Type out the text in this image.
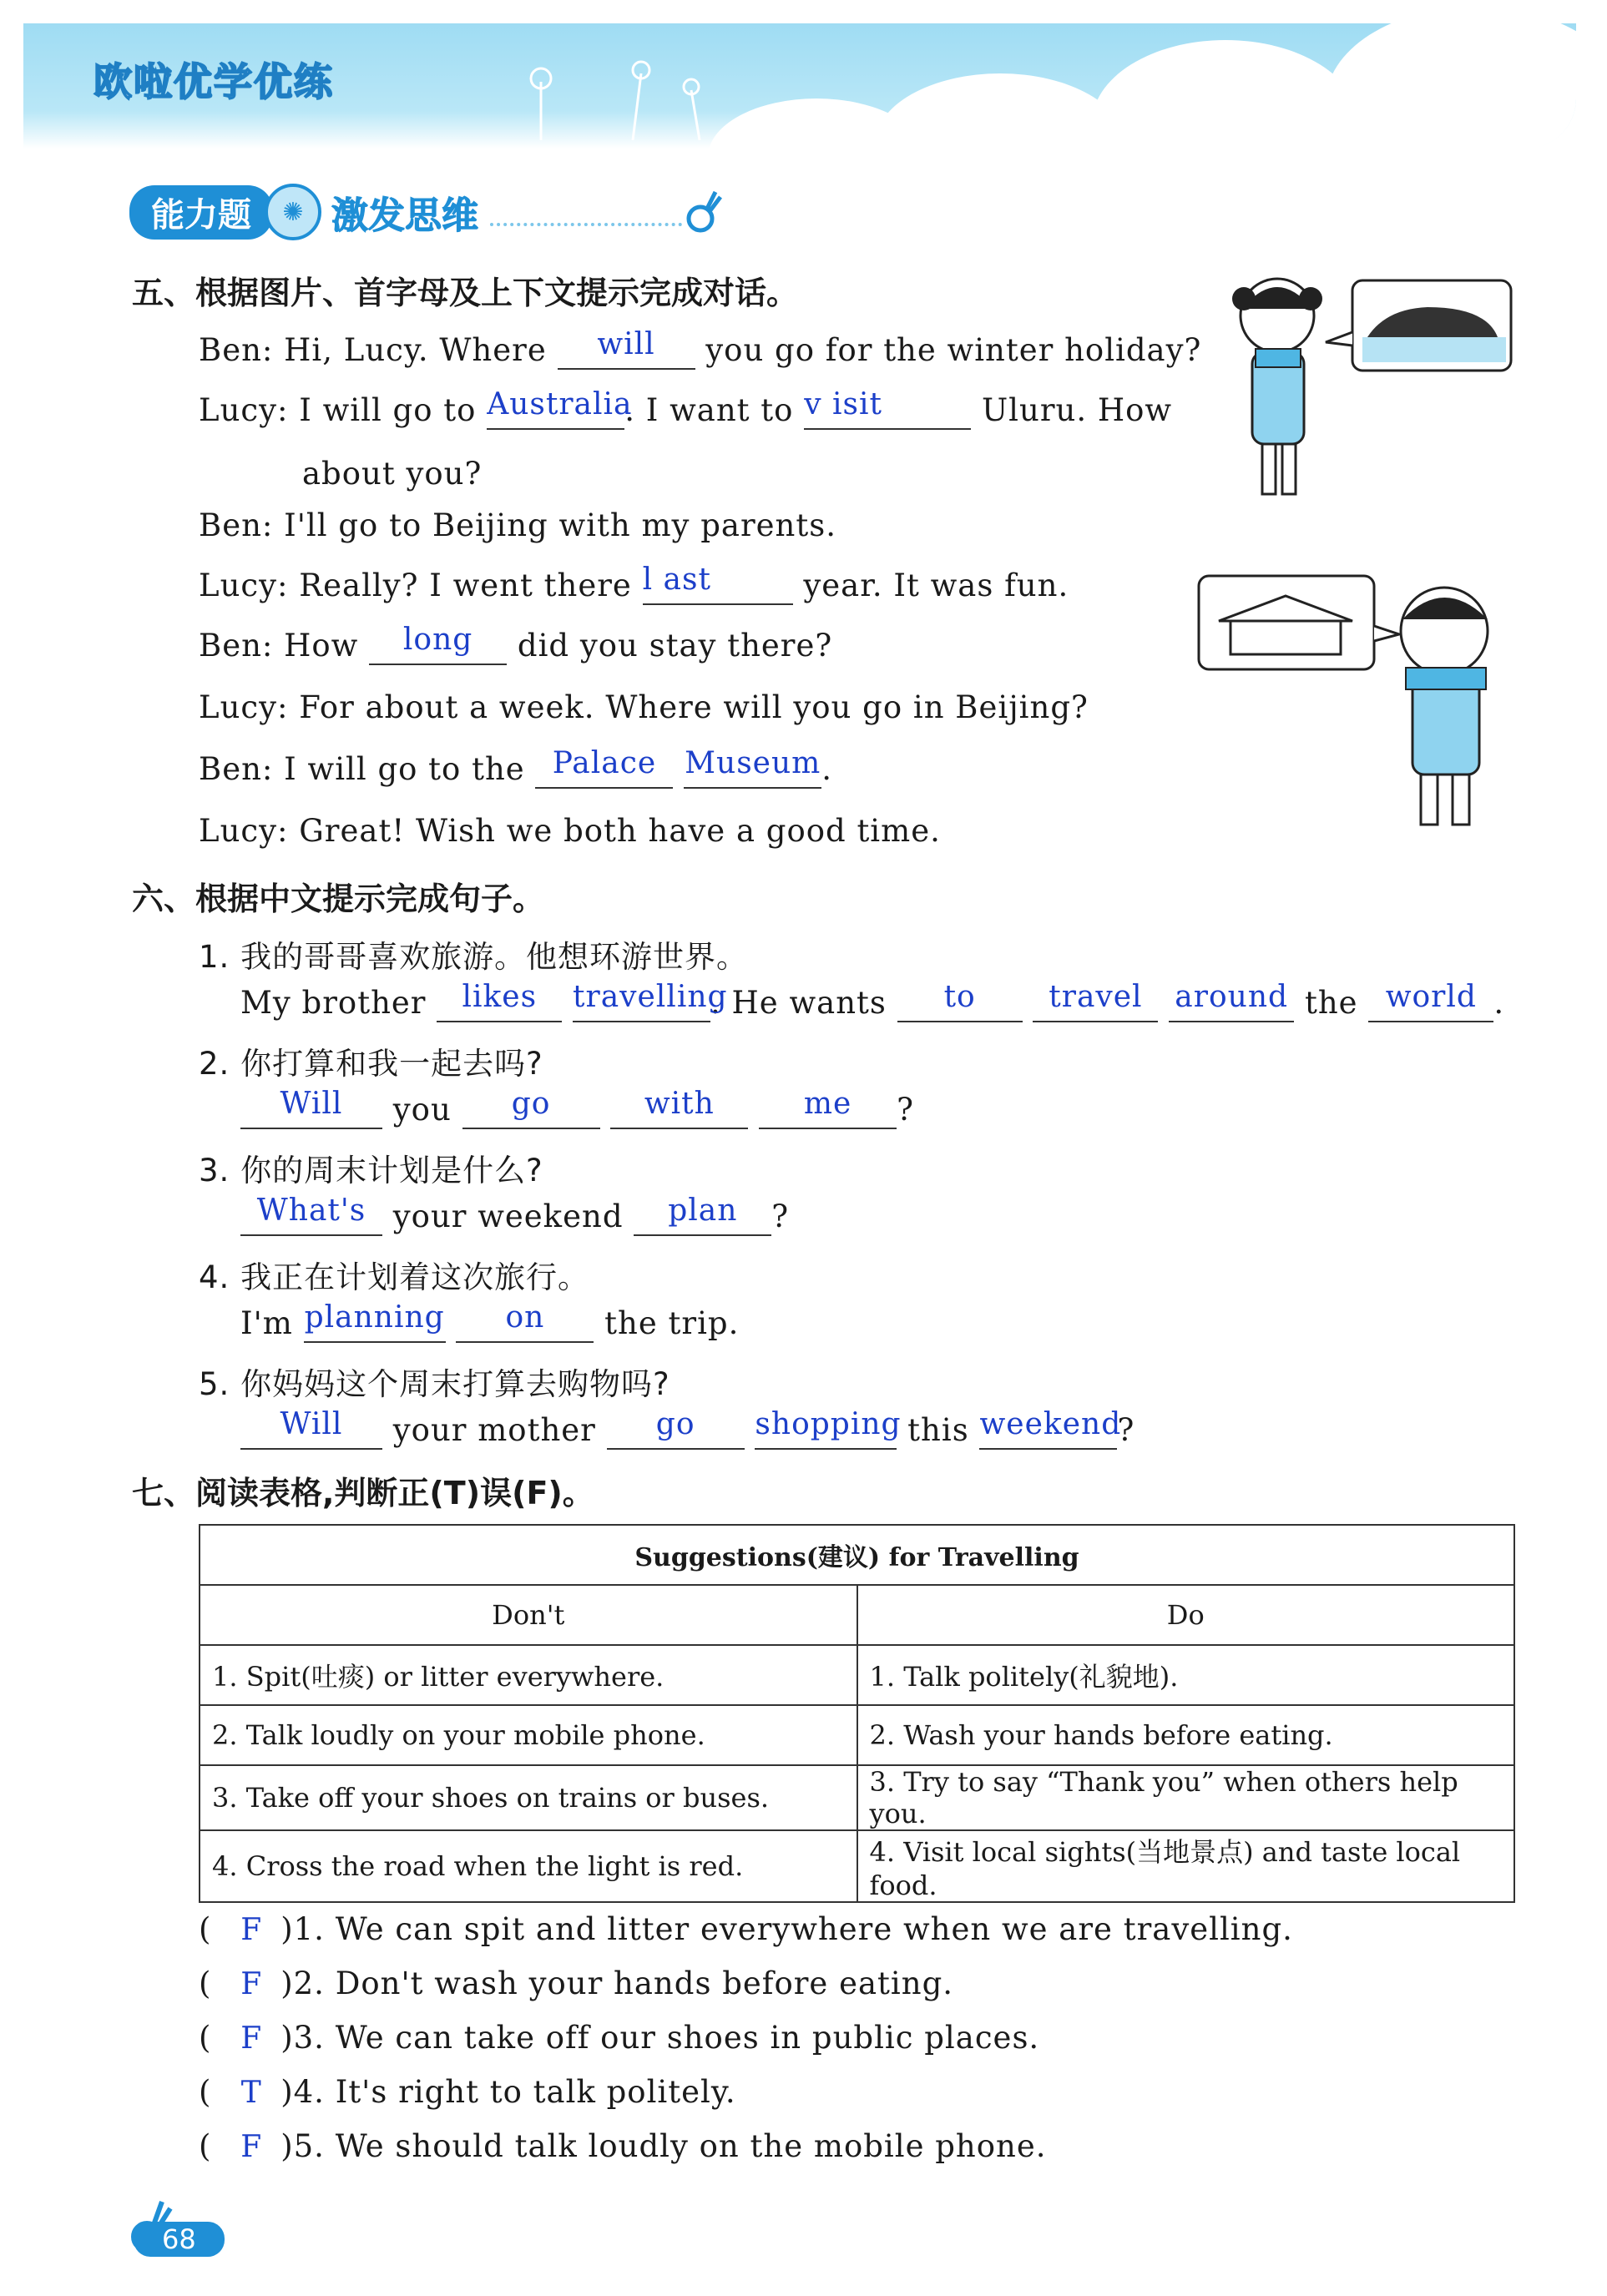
欧啦优学优练
能力题	✺ 激发思维
五、根据图片、首字母及上下文提示完成对话。
Ben: Hi, Lucy. Where will you go for the winter holiday?
Lucy: I will go to Australia. I want to v isit	Uluru. How
about you?
Ben: I'll go to Beijing with my parents.
Lucy: Really? I went there l ast	year. It was fun.
Ben: How long did you stay there?
Lucy: For about a week. Where will you go in Beijing?
Ben: I will go to the Palace Museum.
Lucy: Great! Wish we both have a good time.
六、根据中文提示完成句子。
1. 我的哥哥喜欢旅游。他想环游世界。
My brother likes travelling. He wants to travel around the world .
2. 你打算和我一起去吗?
Will you go	with	me ?
3. 你的周末计划是什么?
What's your weekend plan ?
4. 我正在计划着这次旅行。
I'm planning on the trip.
5. 你妈妈这个周末打算去购物吗?
Will your mother go shopping this weekend?
七、阅读表格,判断正(T)误(F)。
Suggestions(建议) for Travelling	
Don't	Do
1. Spit(吐痰) or litter everywhere.	1. Talk politely(礼貌地).
2. Talk loudly on your mobile phone.	2. Wash your hands before eating.
3. Take off your shoes on trains or buses.	3. Try to say “Thank you” when others help you.
4. Cross the road when the light is red.	4. Visit local sights(当地景点) and taste local food.
( F )1. We can spit and litter everywhere when we are travelling.
( F )2. Don't wash your hands before eating.
( F )3. We can take off our shoes in public places.
( T )4. It's right to talk politely.
( F )5. We should talk loudly on the mobile phone.
68
